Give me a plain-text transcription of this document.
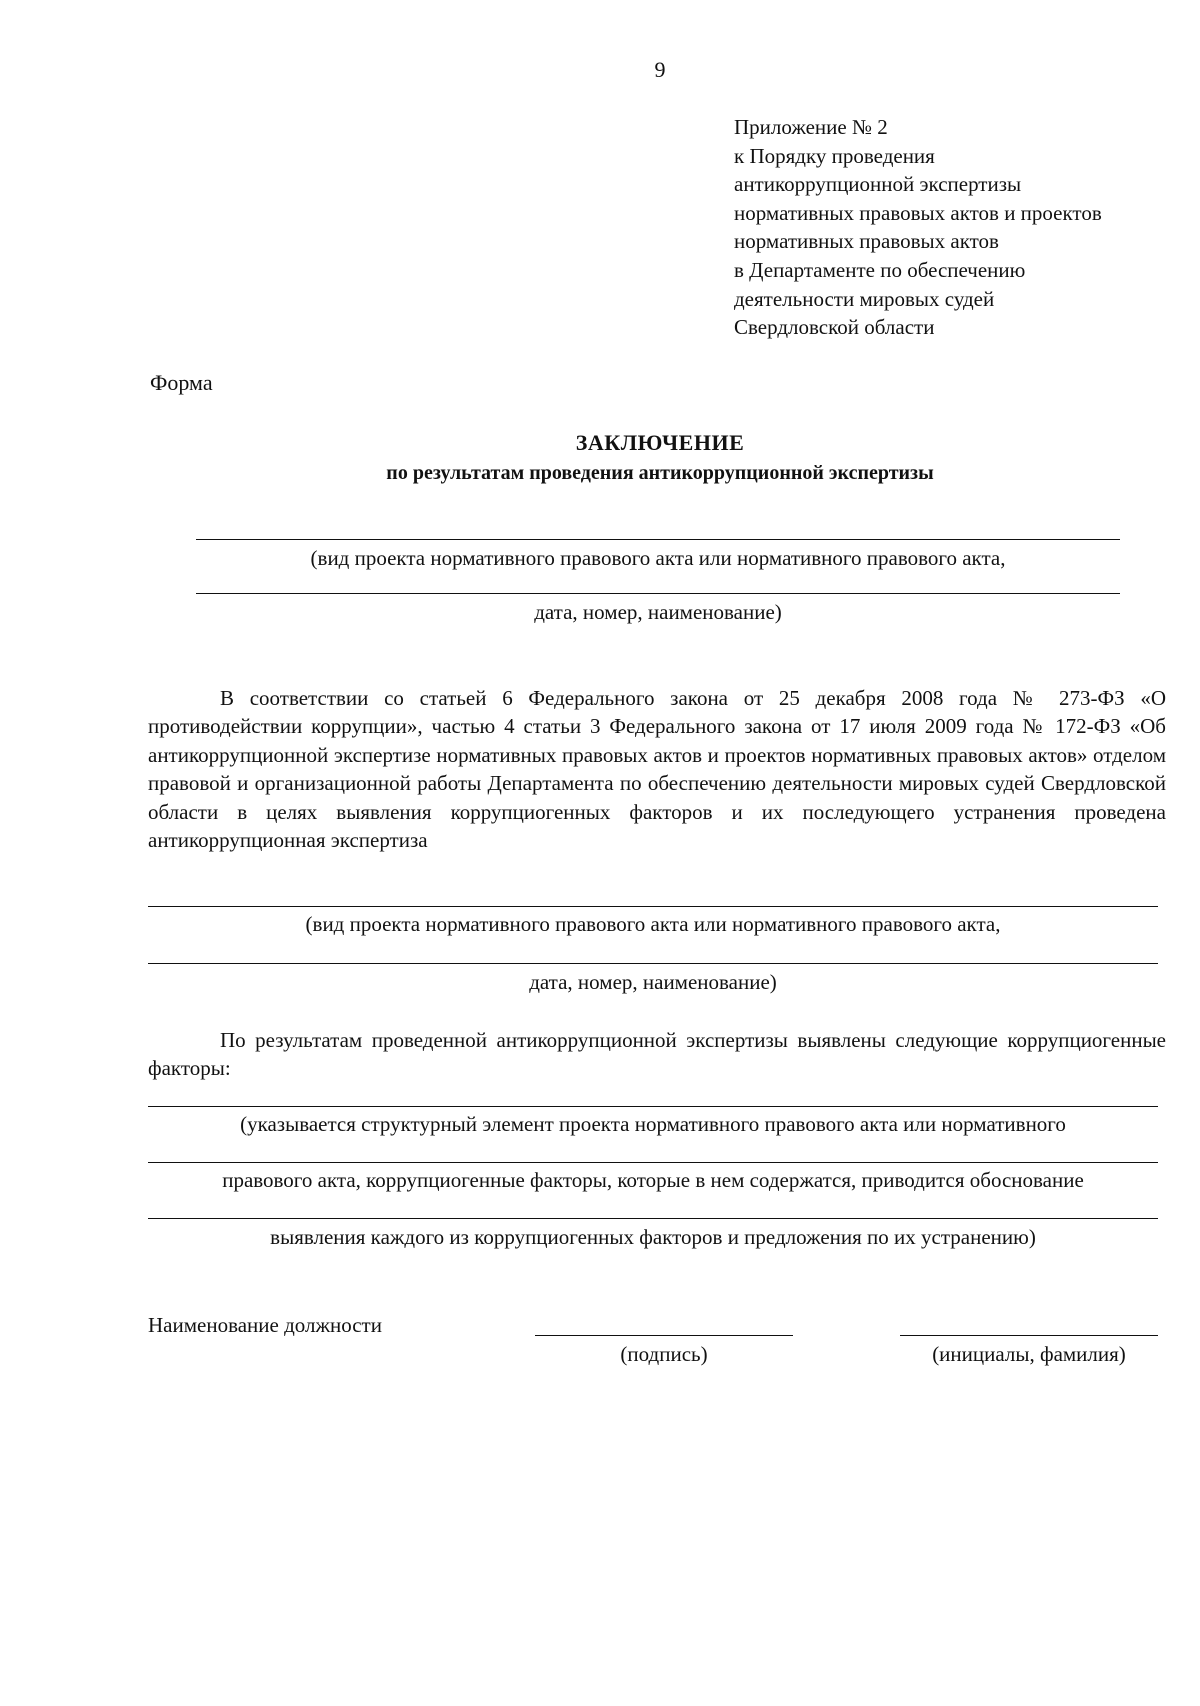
9
Приложение № 2
к Порядку проведения
антикоррупционной экспертизы
нормативных правовых актов и проектов
нормативных правовых актов
в Департаменте по обеспечению
деятельности мировых судей
Свердловской области
Форма
ЗАКЛЮЧЕНИЕ
по результатам проведения антикоррупционной экспертизы
(вид проекта нормативного правового акта или нормативного правового акта,
дата, номер, наименование)
В соответствии со статьей 6 Федерального закона от 25 декабря 2008 года № 273-ФЗ «О противодействии коррупции», частью 4 статьи 3 Федерального закона от 17 июля 2009 года № 172-ФЗ «Об антикоррупционной экспертизе нормативных правовых актов и проектов нормативных правовых актов» отделом правовой и организационной работы Департамента по обеспечению деятельности мировых судей Свердловской области в целях выявления коррупциогенных факторов и их последующего устранения проведена антикоррупционная экспертиза
(вид проекта нормативного правового акта или нормативного правового акта,
дата, номер, наименование)
По результатам проведенной антикоррупционной экспертизы выявлены следующие коррупциогенные факторы:
(указывается структурный элемент проекта нормативного правового акта или нормативного
правового акта, коррупциогенные факторы, которые в нем содержатся, приводится обоснование
выявления каждого из коррупциогенных факторов и предложения по их устранению)
Наименование должности
(подпись)	(инициалы, фамилия)
